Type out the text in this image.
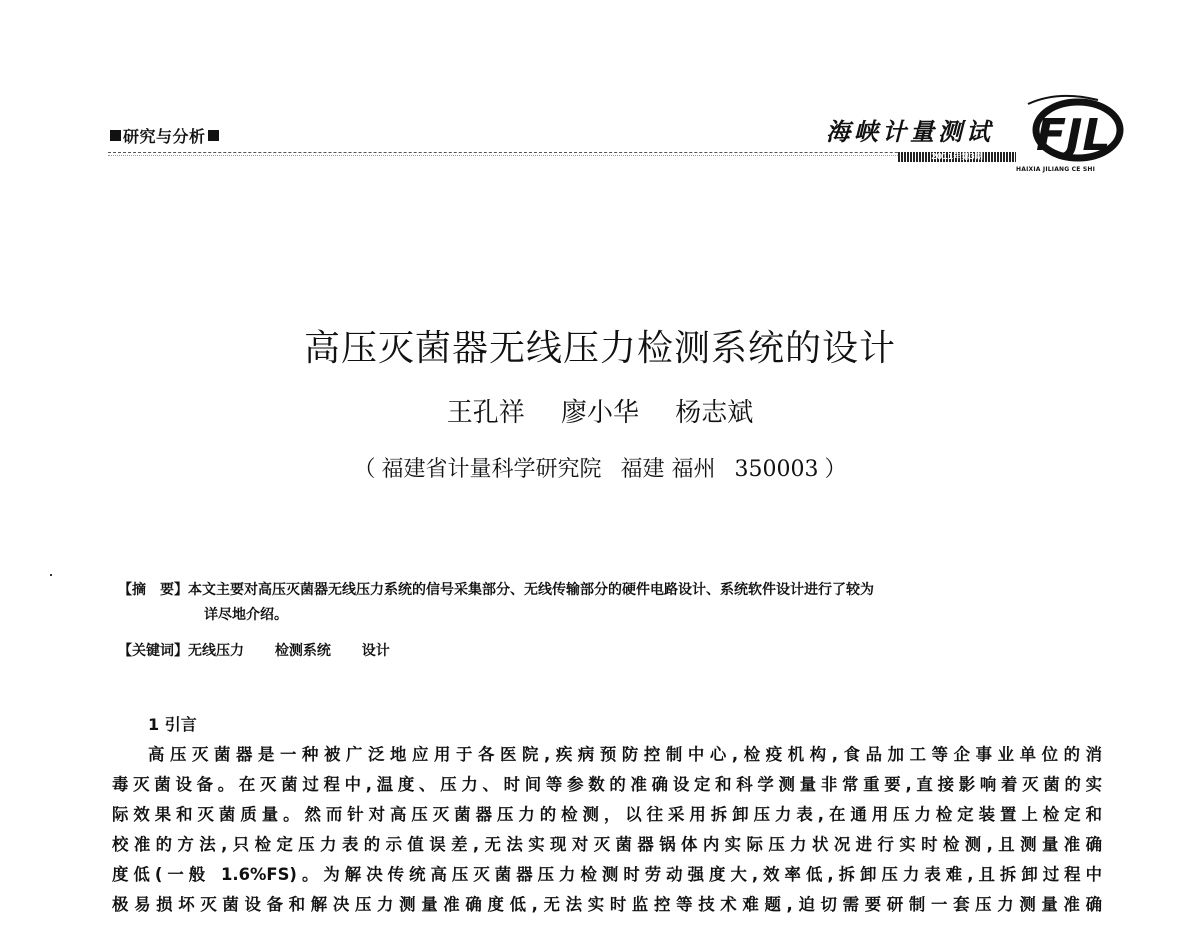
研究与分析	海峡计量测试
2011年第3期	FJL
HAIXIA JILIANG CE SHI
高压灭菌器无线压力检测系统的设计
王孔祥 廖小华 杨志斌
（ 福建省计量科学研究院 福建 福州 350003 ）
【摘　要】本文主要对高压灭菌器无线压力系统的信号采集部分、无线传输部分的硬件电路设计、系统软件设计进行了较为
详尽地介绍。
【关键词】无线压力 检测系统 设计
1 引言
高压灭菌器是一种被广泛地应用于各医院,疾病预防控制中心,检疫机构,食品加工等企事业单位的消
毒灭菌设备。在灭菌过程中,温度、压力、时间等参数的准确设定和科学测量非常重要,直接影响着灭菌的实
际效果和灭菌质量。然而针对高压灭菌器压力的检测，以往采用拆卸压力表,在通用压力检定装置上检定和
校准的方法,只检定压力表的示值误差,无法实现对灭菌器锅体内实际压力状况进行实时检测,且测量准确
度低(一般 1.6%FS)。为解决传统高压灭菌器压力检测时劳动强度大,效率低,拆卸压力表难,且拆卸过程中
极易损坏灭菌设备和解决压力测量准确度低,无法实时监控等技术难题,迫切需要研制一套压力测量准确
